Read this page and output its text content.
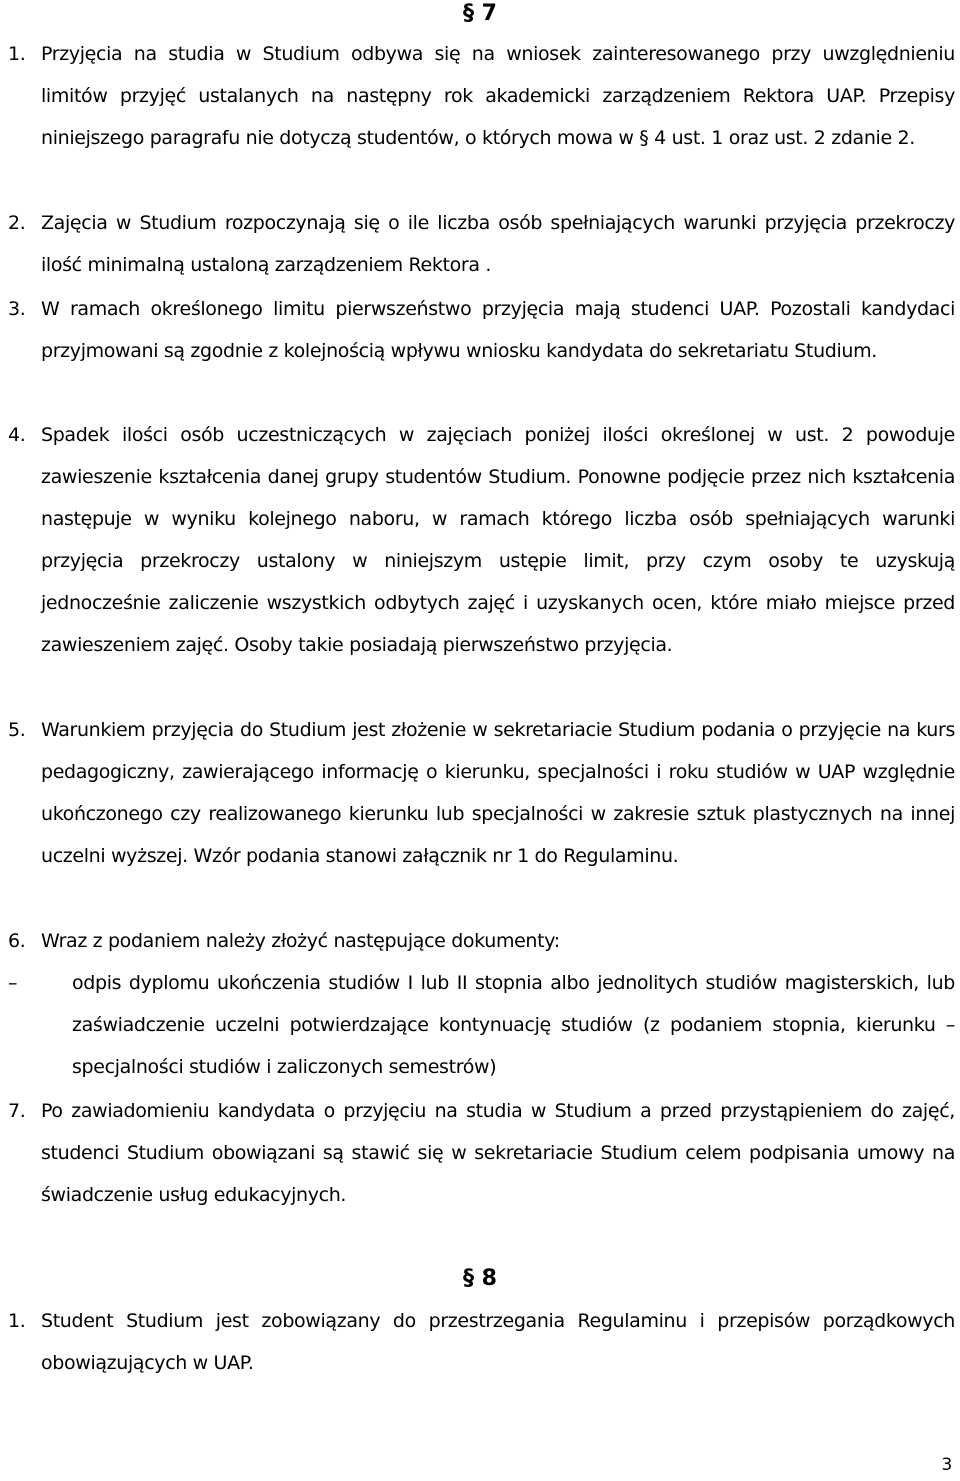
§ 7
1. Przyjęcia na studia w Studium odbywa się na wniosek zainteresowanego przy uwzględnieniu limitów przyjęć ustalanych na następny rok akademicki zarządzeniem Rektora UAP. Przepisy niniejszego paragrafu nie dotyczą studentów, o których mowa w § 4 ust. 1 oraz ust. 2 zdanie 2.
2. Zajęcia w Studium rozpoczynają się o ile liczba osób spełniających warunki przyjęcia przekroczy ilość minimalną ustaloną zarządzeniem Rektora .
3. W ramach określonego limitu pierwszeństwo przyjęcia mają studenci UAP. Pozostali kandydaci przyjmowani są zgodnie z kolejnością wpływu wniosku kandydata do sekretariatu Studium.
4. Spadek ilości osób uczestniczących w zajęciach poniżej ilości określonej w ust. 2 powoduje zawieszenie kształcenia danej grupy studentów Studium. Ponowne podjęcie przez nich kształcenia następuje w wyniku kolejnego naboru, w ramach którego liczba osób spełniających warunki przyjęcia przekroczy ustalony w niniejszym ustępie limit, przy czym osoby te uzyskują jednocześnie zaliczenie wszystkich odbytych zajęć i uzyskanych ocen, które miało miejsce przed zawieszeniem zajęć. Osoby takie posiadają pierwszeństwo przyjęcia.
5. Warunkiem przyjęcia do Studium jest złożenie w sekretariacie Studium podania o przyjęcie na kurs pedagogiczny, zawierającego informację o kierunku, specjalności i roku studiów w UAP względnie ukończonego czy realizowanego kierunku lub specjalności w zakresie sztuk plastycznych na innej uczelni wyższej. Wzór podania stanowi załącznik nr 1 do Regulaminu.
6. Wraz z podaniem należy złożyć następujące dokumenty:
–	odpis dyplomu ukończenia studiów I lub II stopnia albo jednolitych studiów magisterskich, lub zaświadczenie uczelni potwierdzające kontynuację studiów (z podaniem stopnia, kierunku – specjalności studiów i zaliczonych semestrów)
7. Po zawiadomieniu kandydata o przyjęciu na studia w Studium a przed przystąpieniem do zajęć, studenci Studium obowiązani są stawić się w sekretariacie Studium celem podpisania umowy na świadczenie usług edukacyjnych.
§ 8
1. Student Studium jest zobowiązany do przestrzegania Regulaminu i przepisów porządkowych obowiązujących w UAP.
3
